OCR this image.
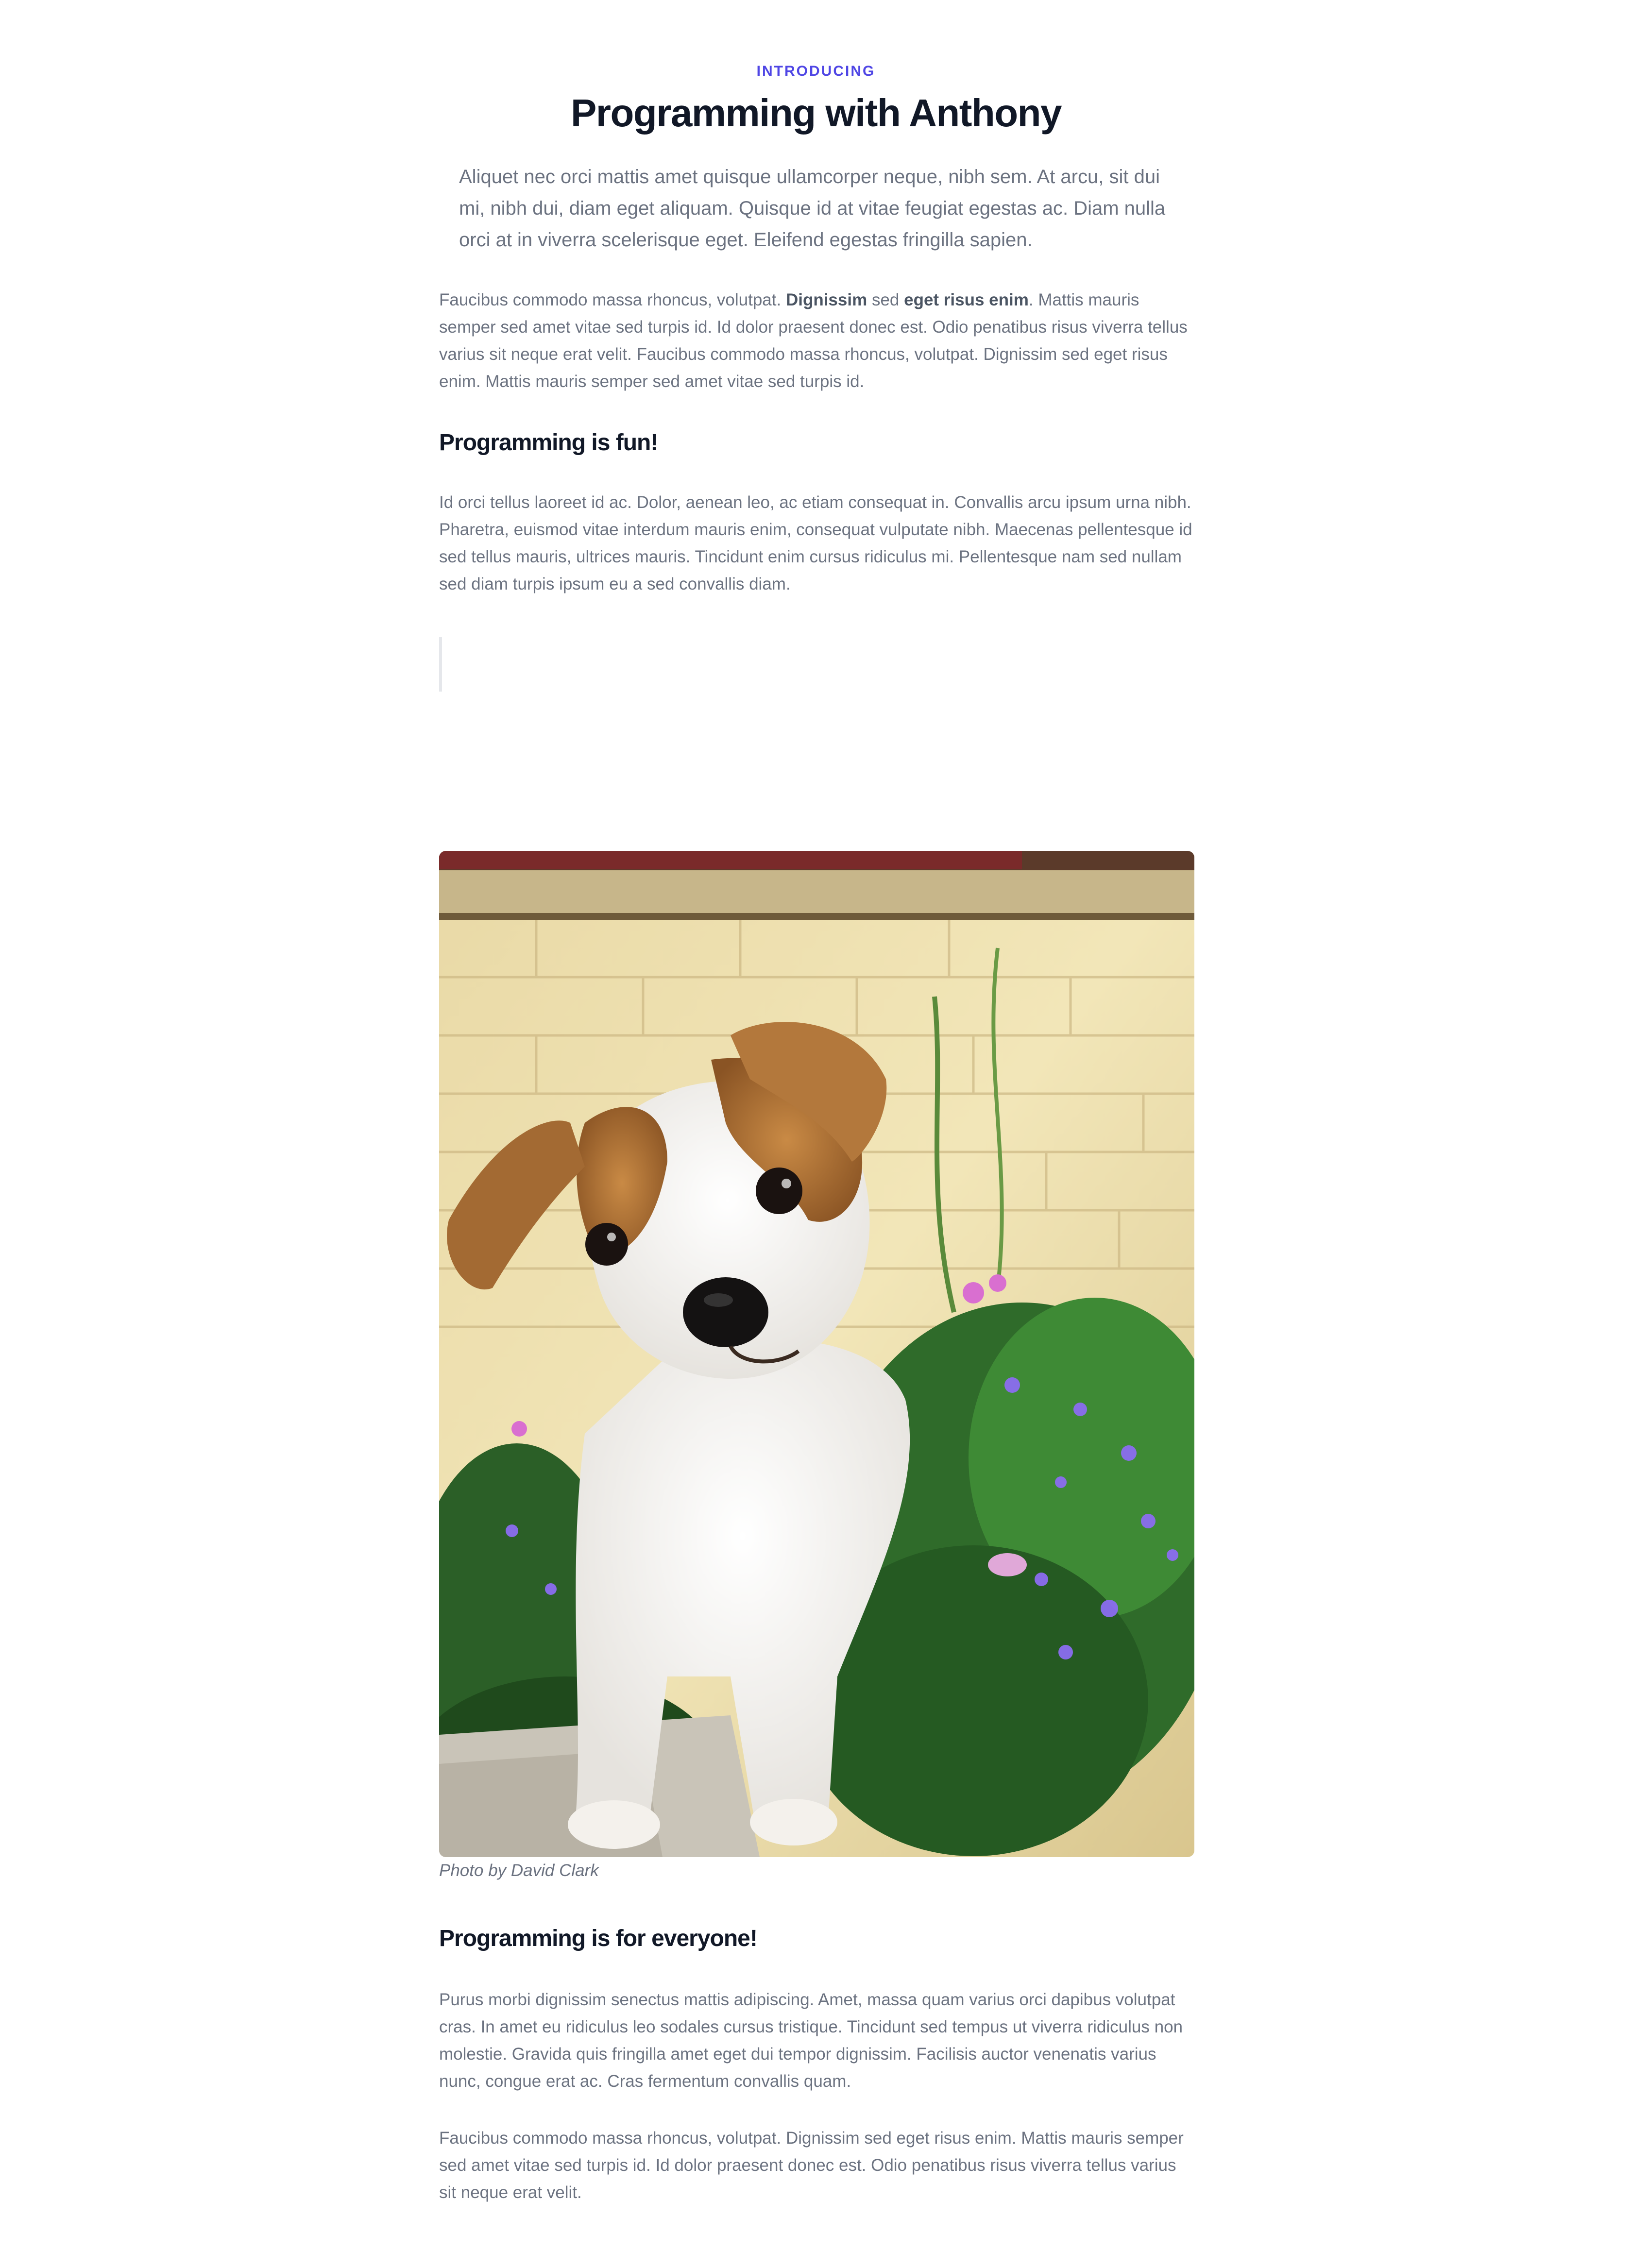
INTRODUCING

Programming with Anthony

Aliquet nec orci mattis amet quisque ullamcorper neque, nibh sem. At arcu, sit dui mi, nibh dui, diam eget aliquam. Quisque id at vitae feugiat egestas ac. Diam nulla orci at in viverra scelerisque eget. Eleifend egestas fringilla sapien.

Faucibus commodo massa rhoncus, volutpat. Dignissim sed eget risus enim. Mattis mauris semper sed amet vitae sed turpis id. Id dolor praesent donec est. Odio penatibus risus viverra tellus varius sit neque erat velit. Faucibus commodo massa rhoncus, volutpat. Dignissim sed eget risus enim. Mattis mauris semper sed amet vitae sed turpis id.

Programming is fun!

Id orci tellus laoreet id ac. Dolor, aenean leo, ac etiam consequat in. Convallis arcu ipsum urna nibh. Pharetra, euismod vitae interdum mauris enim, consequat vulputate nibh. Maecenas pellentesque id sed tellus mauris, ultrices mauris. Tincidunt enim cursus ridiculus mi. Pellentesque nam sed nullam sed diam turpis ipsum eu a sed convallis diam.

Photo by David Clark

Programming is for everyone!

Purus morbi dignissim senectus mattis adipiscing. Amet, massa quam varius orci dapibus volutpat cras. In amet eu ridiculus leo sodales cursus tristique. Tincidunt sed tempus ut viverra ridiculus non molestie. Gravida quis fringilla amet eget dui tempor dignissim. Facilisis auctor venenatis varius nunc, congue erat ac. Cras fermentum convallis quam.

Faucibus commodo massa rhoncus, volutpat. Dignissim sed eget risus enim. Mattis mauris semper sed amet vitae sed turpis id. Id dolor praesent donec est. Odio penatibus risus viverra tellus varius sit neque erat velit.
